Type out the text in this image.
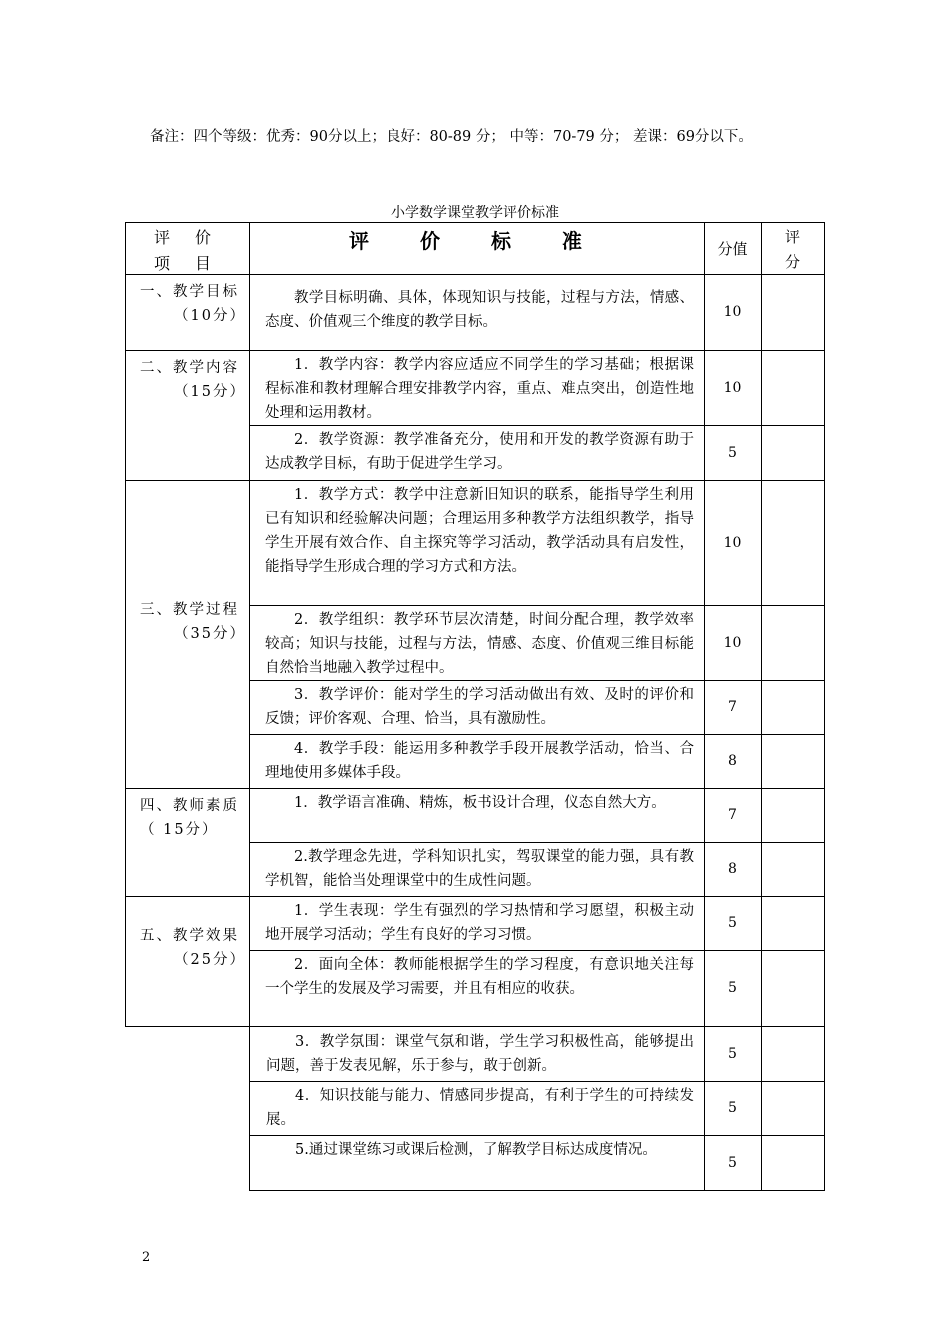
备注：四个等级：优秀：90分以上；良好：80-89 分； 中等：70-79 分； 差课：69分以下。
小学数学课堂教学评价标准
评 价
项 目
评 价 标 准	分值
评
分
一、教学目标
（10分）
二、教学内容
（15分）
三、教学过程
（35分）
四、教师素质
（ 15分）
五、教学效果
（25分）
教学目标明确、具体，体现知识与技能，过程与方法，情感、态度、价值观三个维度的教学目标。
10
1．教学内容：教学内容应适应不同学生的学习基础；根据课程标准和教材理解合理安排教学内容，重点、难点突出，创造性地处理和运用教材。
10
2．教学资源：教学准备充分，使用和开发的教学资源有助于达成教学目标，有助于促进学生学习。
5
1．教学方式：教学中注意新旧知识的联系，能指导学生利用已有知识和经验解决问题；合理运用多种教学方法组织教学，指导学生开展有效合作、自主探究等学习活动，教学活动具有启发性，能指导学生形成合理的学习方式和方法。
10
2．教学组织：教学环节层次清楚，时间分配合理，教学效率较高；知识与技能，过程与方法，情感、态度、价值观三维目标能自然恰当地融入教学过程中。
10
3．教学评价：能对学生的学习活动做出有效、及时的评价和反馈；评价客观、合理、恰当，具有激励性。
7
4．教学手段：能运用多种教学手段开展教学活动，恰当、合理地使用多媒体手段。
8
1．教学语言准确、精炼，板书设计合理，仪态自然大方。
7
2.教学理念先进，学科知识扎实，驾驭课堂的能力强，具有教学机智，能恰当处理课堂中的生成性问题。
8
1．学生表现：学生有强烈的学习热情和学习愿望，积极主动地开展学习活动；学生有良好的学习习惯。
5
2．面向全体：教师能根据学生的学习程度，有意识地关注每一个学生的发展及学习需要，并且有相应的收获。	5
3．教学氛围：课堂气氛和谐，学生学习积极性高，能够提出问题，善于发表见解，乐于参与，敢于创新。
5
4．知识技能与能力、情感同步提高，有利于学生的可持续发展。
5
5.通过课堂练习或课后检测，了解教学目标达成度情况。
5
2
